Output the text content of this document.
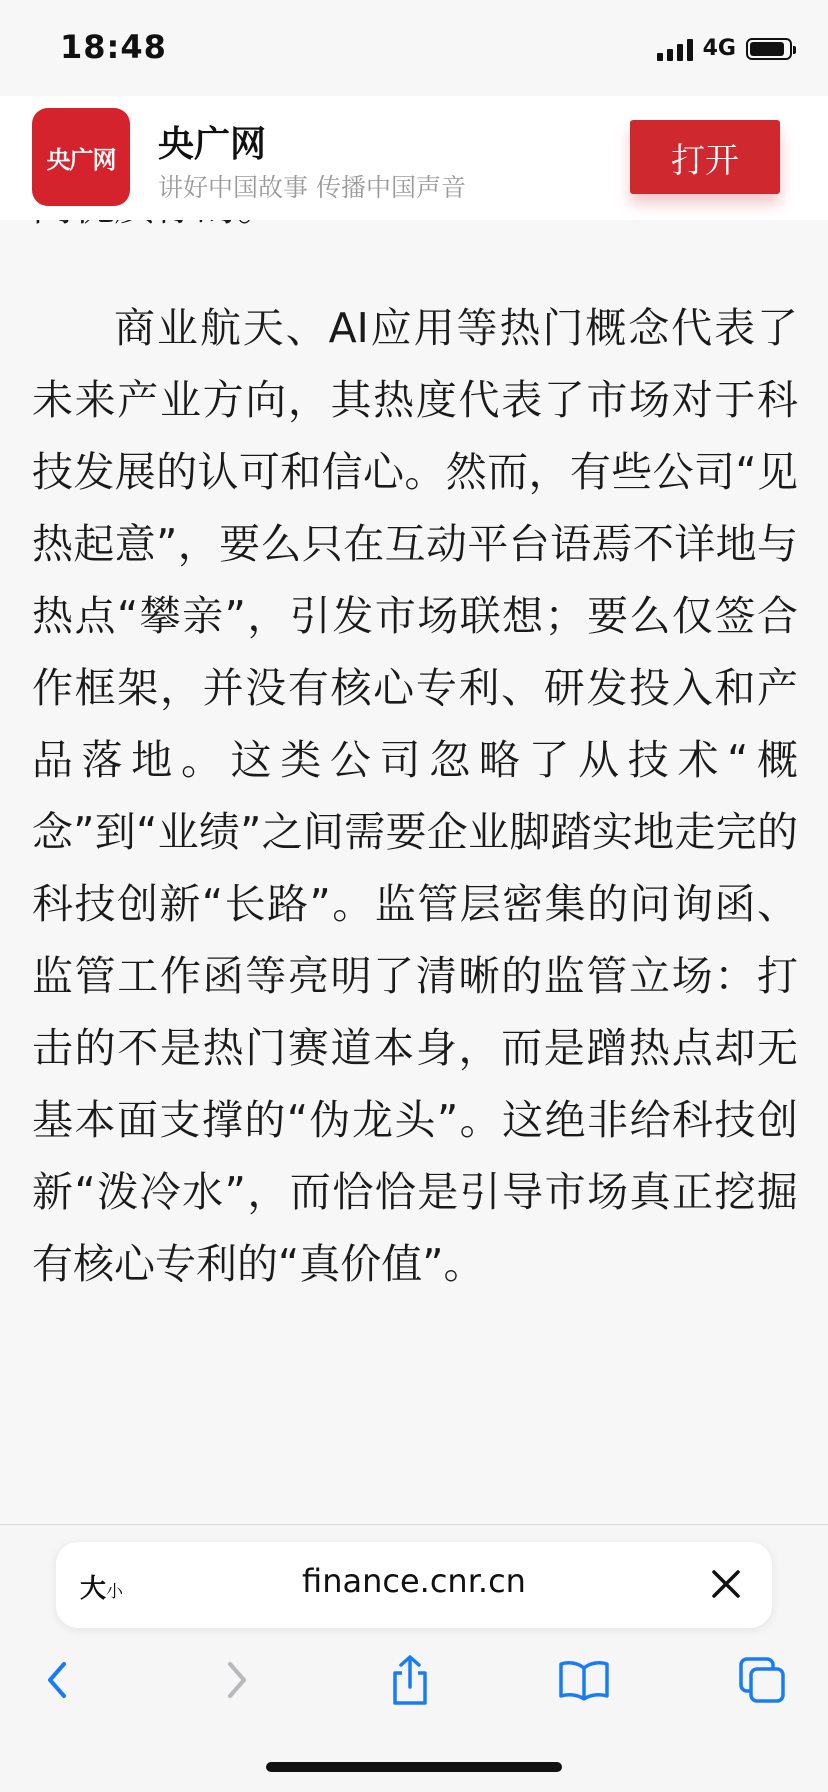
18:48	4G

商业航天、AI应用等热门概念代表了未来产业方向，其热度代表了市场对于科技发展的认可和信心。然而，有些公司“见热起意”，要么只在互动平台语焉不详地与热点“攀亲”，引发市场联想；要么仅签合作框架，并没有核心专利、研发投入和产品落地。这类公司忽略了从技术“概念”到“业绩”之间需要企业脚踏实地走完的科技创新“长路”。监管层密集的问询函、监管工作函等亮明了清晰的监管立场：打击的不是热门赛道本身，而是蹭热点却无基本面支撑的“伪龙头”。这绝非给科技创新“泼冷水”，而恰恰是引导市场真正挖掘有核心专利的“真价值”。

央广网 央广网
讲好中国故事 传播中国声音
打开
大小	finance.cnr.cn
